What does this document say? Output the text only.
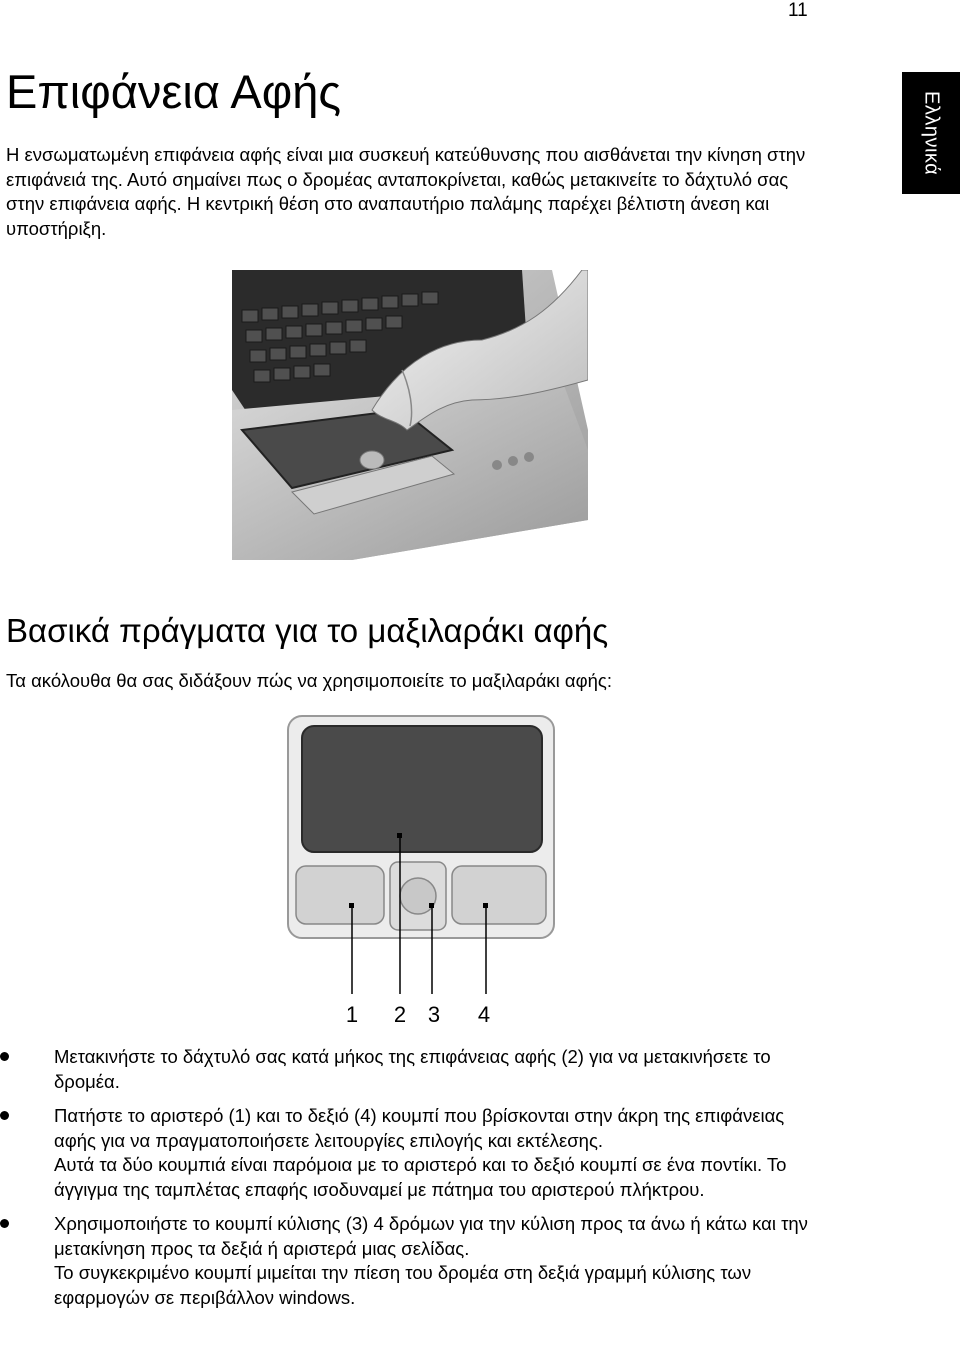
11
Ελληνικά
Επιφάνεια Αφής

Η ενσωματωμένη επιφάνεια αφής είναι μια συσκευή κατεύθυνσης που αισθάνεται την κίνηση στην επιφάνειά της. Αυτό σημαίνει πως ο δρομέας ανταποκρίνεται, καθώς μετακινείτε το δάχτυλό σας στην επιφάνεια αφής. Η κεντρική θέση στο αναπαυτήριο παλάμης παρέχει βέλτιστη άνεση και υποστήριξη.

Βασικά πράγματα για το μαξιλαράκι αφής

Τα ακόλουθα θα σας διδάξουν πώς να χρησιμοποιείτε το μαξιλαράκι αφής:

1 2 3 4

Μετακινήστε το δάχτυλό σας κατά μήκος της επιφάνειας αφής (2) για να μετακινήσετε το δρομέα.

Πατήστε το αριστερό (1) και το δεξιό (4) κουμπί που βρίσκονται στην άκρη της επιφάνειας αφής για να πραγματοποιήσετε λειτουργίες επιλογής και εκτέλεσης.

Αυτά τα δύο κουμπιά είναι παρόμοια με το αριστερό και το δεξιό κουμπί σε ένα ποντίκι. Το άγγιγμα της ταμπλέτας επαφής ισοδυναμεί με πάτημα του αριστερού πλήκτρου.

Χρησιμοποιήστε το κουμπί κύλισης (3) 4 δρόμων για την κύλιση προς τα άνω ή κάτω και την μετακίνηση προς τα δεξιά ή αριστερά μιας σελίδας.

Το συγκεκριμένο κουμπί μιμείται την πίεση του δρομέα στη δεξιά γραμμή κύλισης των εφαρμογών σε περιβάλλον windows.
